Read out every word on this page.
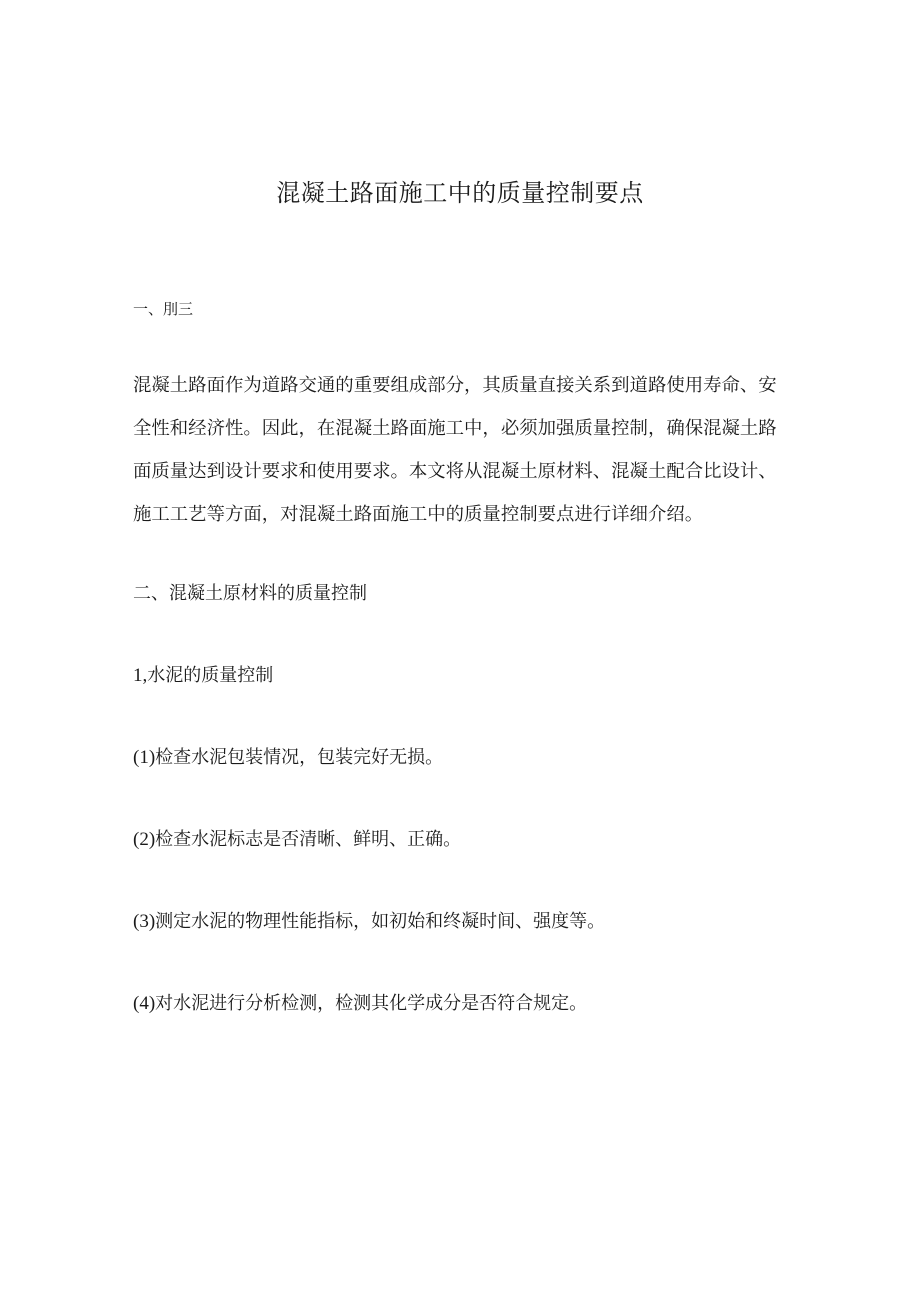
混凝土路面施工中的质量控制要点
一、刖三
混凝土路面作为道路交通的重要组成部分，其质量直接关系到道路使用寿命、安
全性和经济性。因此，在混凝土路面施工中，必须加强质量控制，确保混凝土路
面质量达到设计要求和使用要求。本文将从混凝土原材料、混凝土配合比设计、
施工工艺等方面，对混凝土路面施工中的质量控制要点进行详细介绍。
二、混凝土原材料的质量控制
1,水泥的质量控制
(1)检查水泥包装情况，包装完好无损。
(2)检查水泥标志是否清晰、鲜明、正确。
(3)测定水泥的物理性能指标，如初始和终凝时间、强度等。
(4)对水泥进行分析检测，检测其化学成分是否符合规定。
